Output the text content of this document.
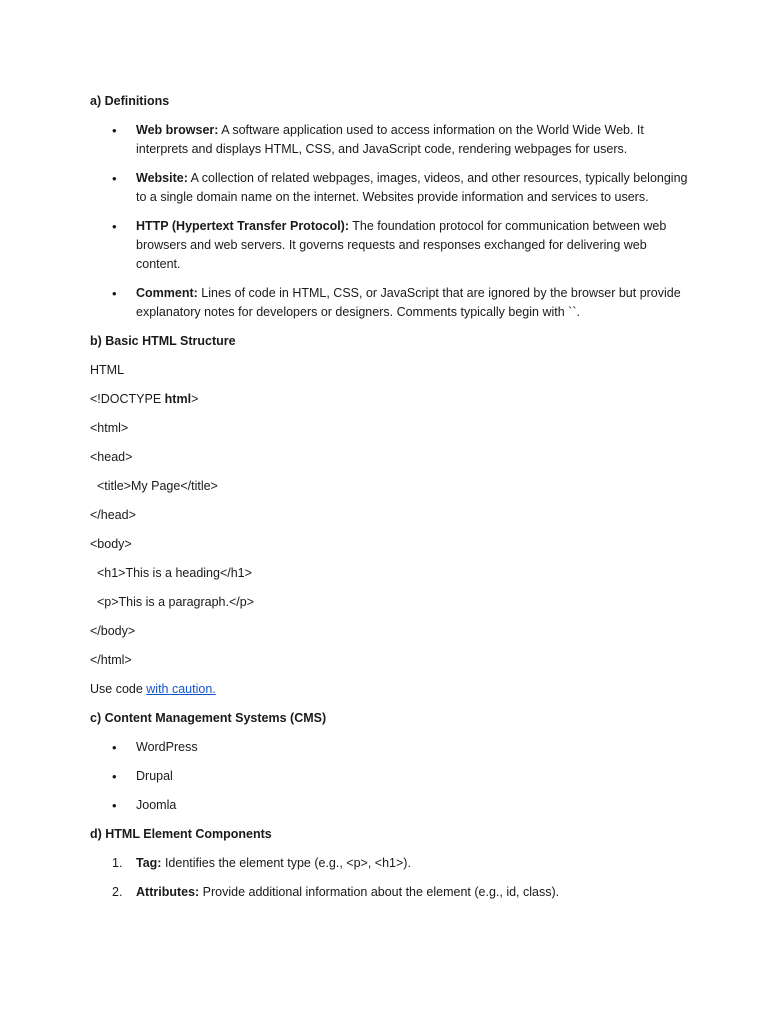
a) Definitions
• Web browser: A software application used to access information on the World Wide Web. It interprets and displays HTML, CSS, and JavaScript code, rendering webpages for users.
• Website: A collection of related webpages, images, videos, and other resources, typically belonging to a single domain name on the internet. Websites provide information and services to users.
• HTTP (Hypertext Transfer Protocol): The foundation protocol for communication between web browsers and web servers. It governs requests and responses exchanged for delivering web content.
• Comment: Lines of code in HTML, CSS, or JavaScript that are ignored by the browser but provide explanatory notes for developers or designers. Comments typically begin with ``.
b) Basic HTML Structure
HTML
<!DOCTYPE html>
<html>
<head>
<title>My Page</title>
</head>
<body>
<h1>This is a heading</h1>
<p>This is a paragraph.</p>
</body>
</html>
Use code with caution.
c) Content Management Systems (CMS)
• WordPress
• Drupal
• Joomla
d) HTML Element Components
1. Tag: Identifies the element type (e.g., <p>, <h1>).
2. Attributes: Provide additional information about the element (e.g., id, class).
